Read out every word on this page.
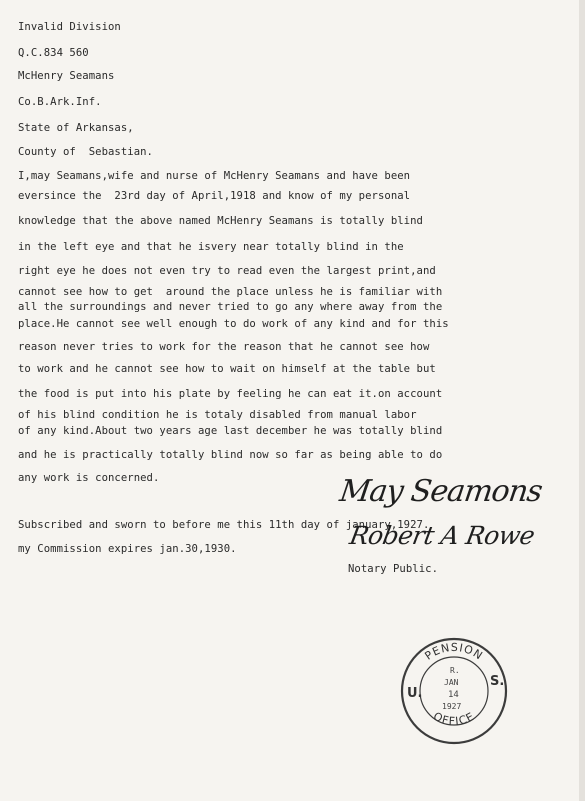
Invalid Division
Q.C.834 560
McHenry Seamans
Co.B.Ark.Inf.
State of Arkansas,
County of  Sebastian.
I,may Seamans,wife and nurse of McHenry Seamans and have been
eversince the  23rd day of April,1918 and know of my personal
knowledge that the above named McHenry Seamans is totally blind
in the left eye and that he isvery near totally blind in the
right eye he does not even try to read even the largest print,and
cannot see how to get  around the place unless he is familiar with
all the surroundings and never tried to go any where away from the
place.He cannot see well enough to do work of any kind and for this
reason never tries to work for the reason that he cannot see how
to work and he cannot see how to wait on himself at the table but
the food is put into his plate by feeling he can eat it.on account
of his blind condition he is totaly disabled from manual labor
of any kind.About two years age last december he was totally blind
and he is practically totally blind now so far as being able to do
any work is concerned.	May Seamons
Subscribed and sworn to before me this 11th day of january,1927.
my Commission expires jan.30,1930.	Robert A Rowe
Notary Public.
PENSION
OFFICE
U.
S.
R.
JAN
14
1927
